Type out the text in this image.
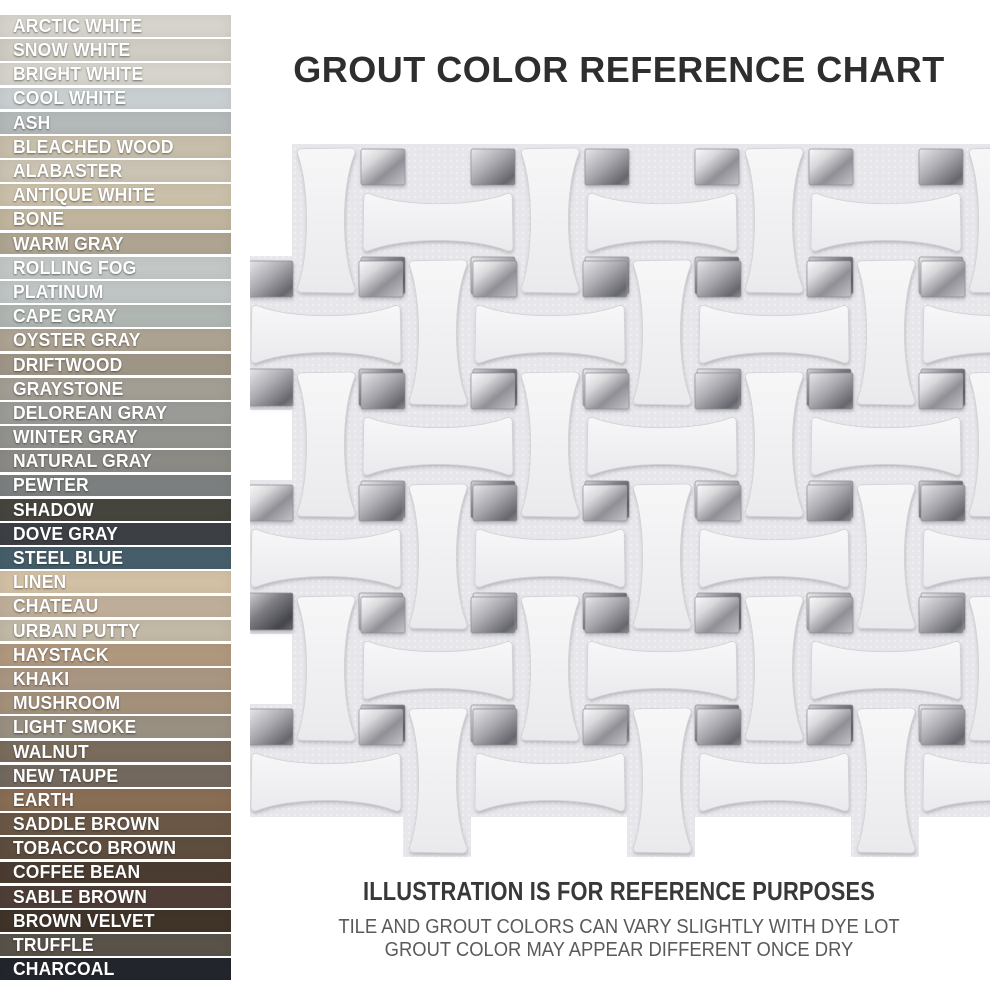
ARCTIC WHITE
SNOW WHITE
BRIGHT WHITE
COOL WHITE
ASH
BLEACHED WOOD
ALABASTER
ANTIQUE WHITE
BONE
WARM GRAY
ROLLING FOG
PLATINUM
CAPE GRAY
OYSTER GRAY
DRIFTWOOD
GRAYSTONE
DELOREAN GRAY
WINTER GRAY
NATURAL GRAY
PEWTER
SHADOW
DOVE GRAY
STEEL BLUE
LINEN
CHATEAU
URBAN PUTTY
HAYSTACK
KHAKI
MUSHROOM
LIGHT SMOKE
WALNUT
NEW TAUPE
EARTH
SADDLE BROWN
TOBACCO BROWN
COFFEE BEAN
SABLE BROWN
BROWN VELVET
TRUFFLE
CHARCOAL
GROUT COLOR REFERENCE CHART

ILLUSTRATION IS FOR REFERENCE PURPOSES

TILE AND GROUT COLORS CAN VARY SLIGHTLY WITH DYE LOT

GROUT COLOR MAY APPEAR DIFFERENT ONCE DRY
